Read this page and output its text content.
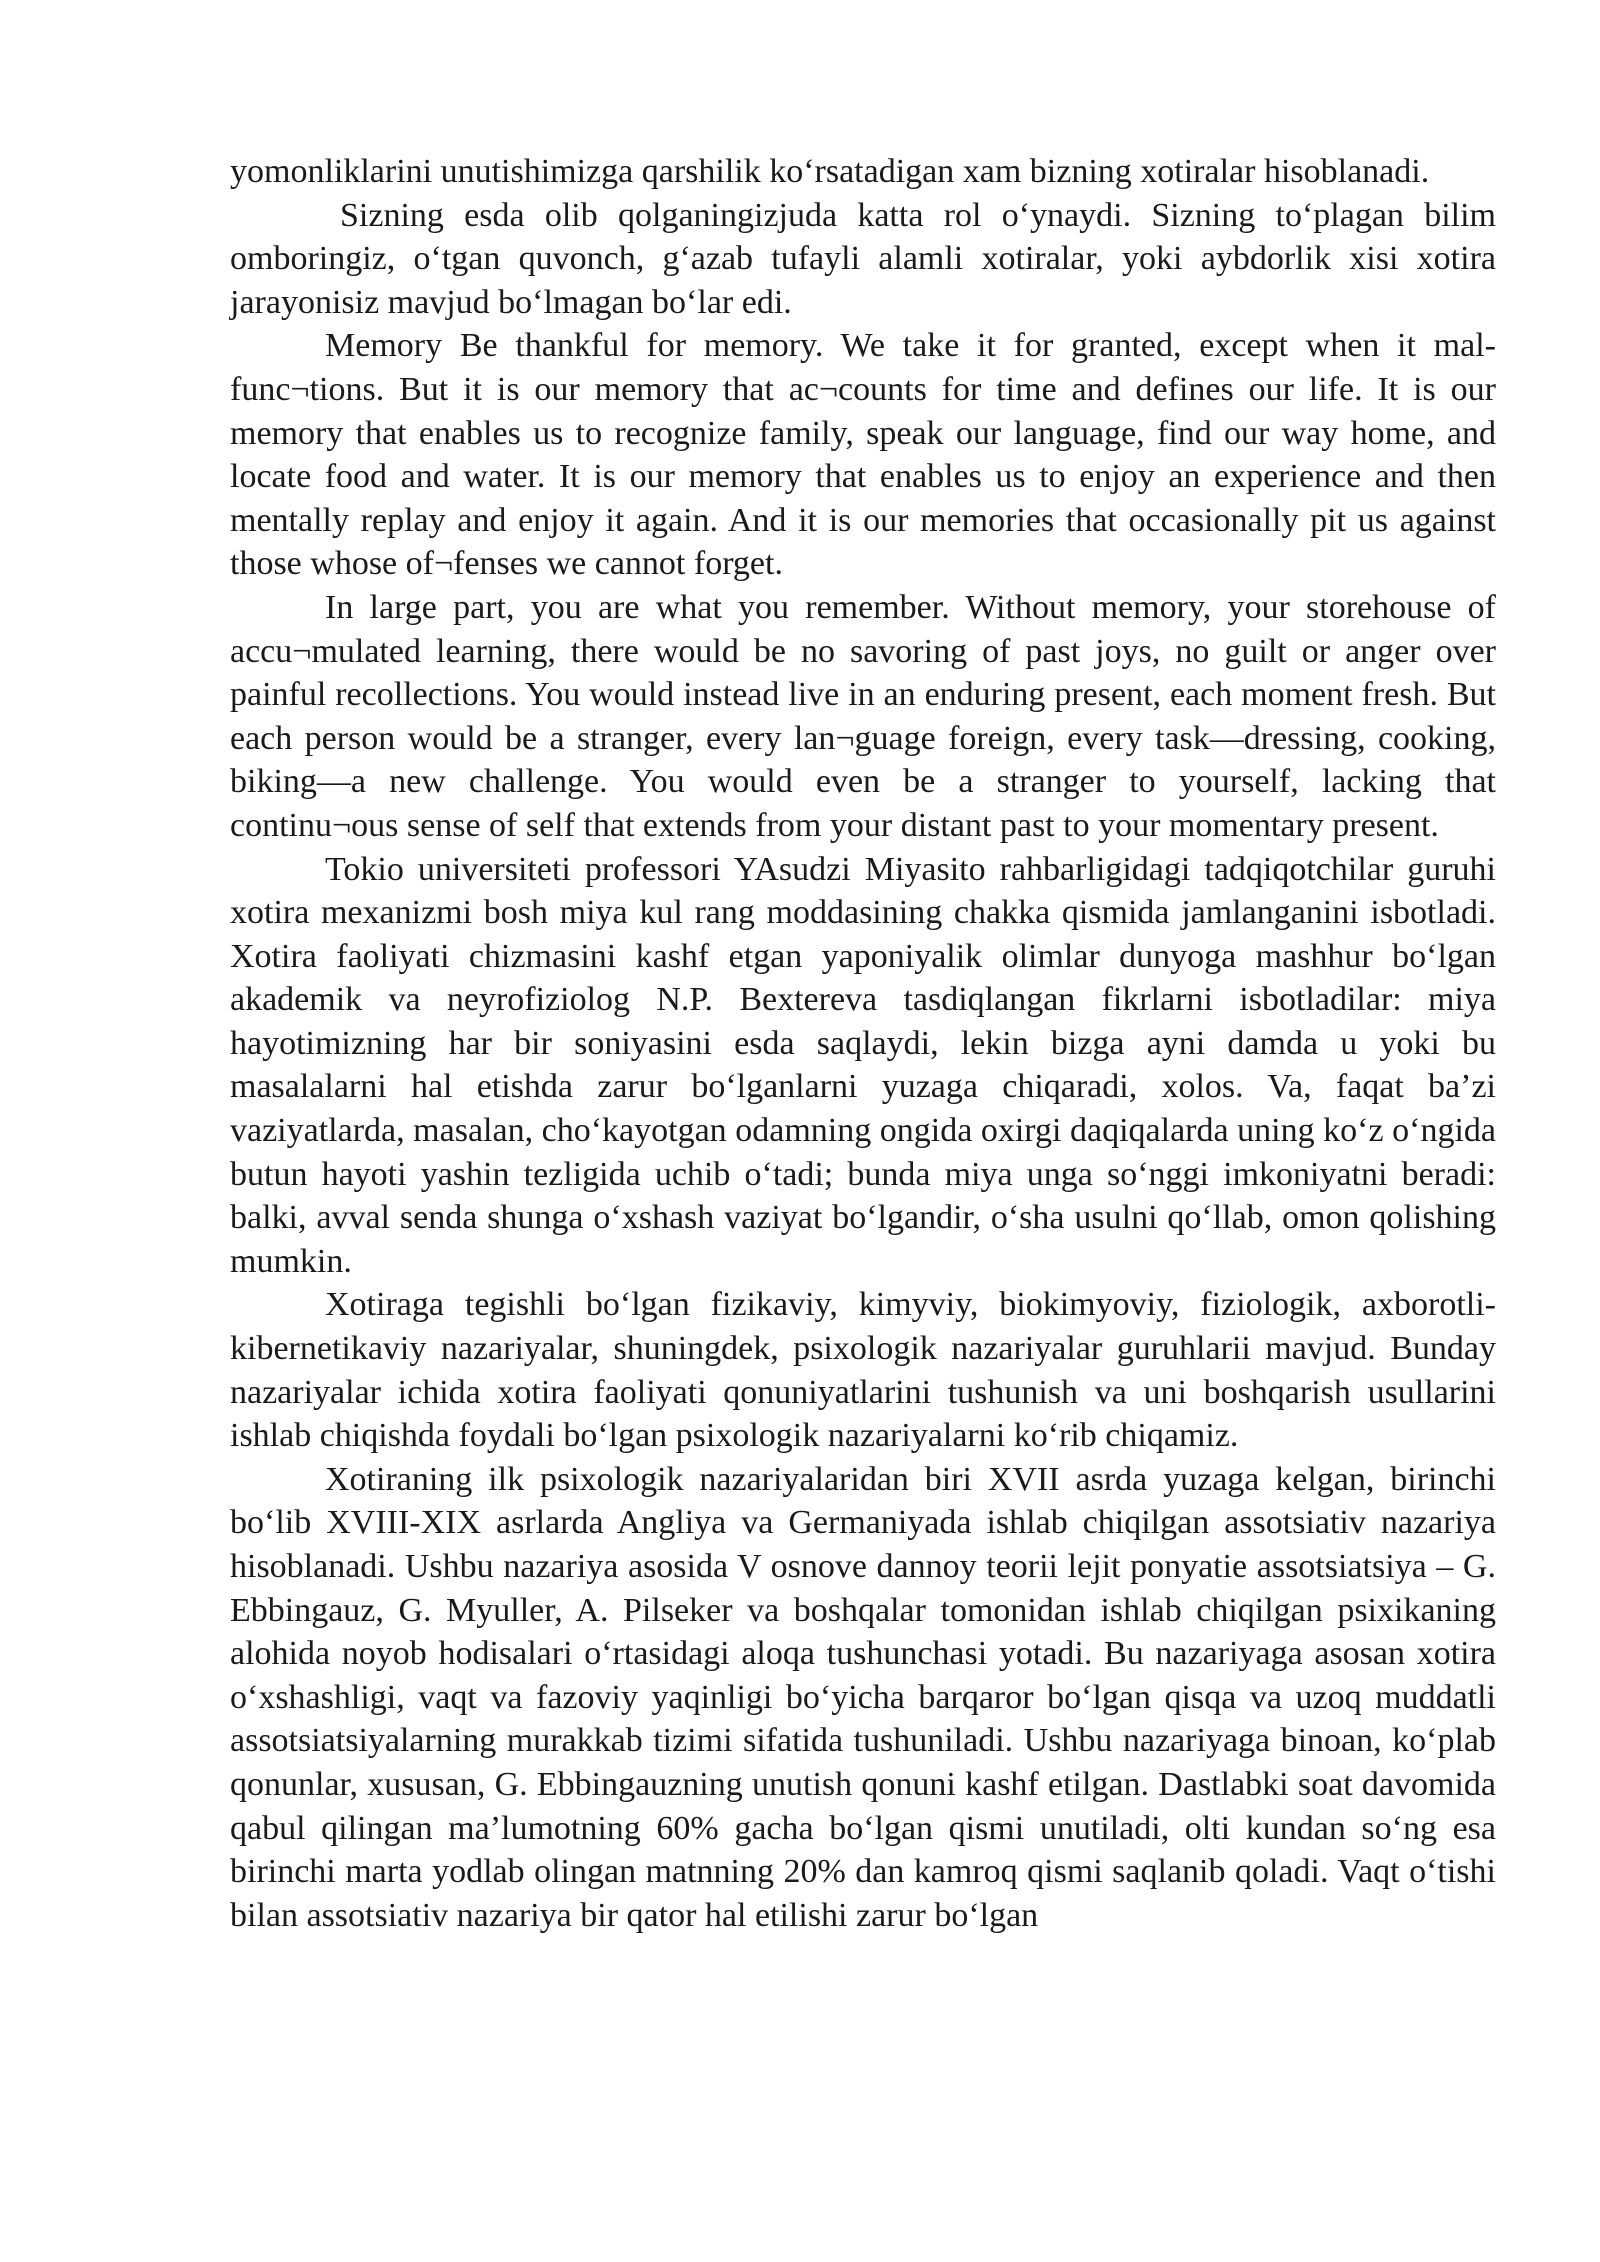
yomonliklarini unutishimizga qarshilik ko‘rsatadigan xam bizning xotiralar hisoblanadi.

Sizning esda olib qolganingizjuda katta rol o‘ynaydi. Sizning to‘plagan bilim omboringiz, o‘tgan quvonch, g‘azab tufayli alamli xotiralar, yoki aybdorlik xisi xotira jarayonisiz mavjud bo‘lmagan bo‘lar edi.

Memory Be thankful for memory. We take it for granted, except when it mal-func¬tions. But it is our memory that ac¬counts for time and defines our life. It is our memory that enables us to recognize family, speak our language, find our way home, and locate food and water. It is our memory that enables us to enjoy an experience and then mentally replay and enjoy it again. And it is our memories that occasionally pit us against those whose of¬fenses we cannot forget.

In large part, you are what you remember. Without memory, your storehouse of accu¬mulated learning, there would be no savoring of past joys, no guilt or anger over painful recollections. You would instead live in an enduring present, each moment fresh. But each person would be a stranger, every lan¬guage foreign, every task—dressing, cooking, biking—a new challenge. You would even be a stranger to yourself, lacking that continu¬ous sense of self that extends from your distant past to your momentary present.

Tokio universiteti professori YAsudzi Miyasito rahbarligidagi tadqiqotchilar guruhi xotira mexanizmi bosh miya kul rang moddasining chakka qismida jamlanganini isbotladi. Xotira faoliyati chizmasini kashf etgan yaponiyalik olimlar dunyoga mashhur bo‘lgan akademik va neyrofiziolog N.P. Bextereva tasdiqlangan fikrlarni isbotladilar: miya hayotimizning har bir soniyasini esda saqlaydi, lekin bizga ayni damda u yoki bu masalalarni hal etishda zarur bo‘lganlarni yuzaga chiqaradi, xolos. Va, faqat ba’zi vaziyatlarda, masalan, cho‘kayotgan odamning ongida oxirgi daqiqalarda uning ko‘z o‘ngida butun hayoti yashin tezligida uchib o‘tadi; bunda miya unga so‘nggi imkoniyatni beradi: balki, avval senda shunga o‘xshash vaziyat bo‘lgandir, o‘sha usulni qo‘llab, omon qolishing mumkin.

Xotiraga tegishli bo‘lgan fizikaviy, kimyviy, biokimyoviy, fiziologik, axborotli-kibernetikaviy nazariyalar, shuningdek, psixologik nazariyalar guruhlarii mavjud. Bunday nazariyalar ichida xotira faoliyati qonuniyatlarini tushunish va uni boshqarish usullarini ishlab chiqishda foydali bo‘lgan psixologik nazariyalarni ko‘rib chiqamiz.

Xotiraning ilk psixologik nazariyalaridan biri XVII asrda yuzaga kelgan, birinchi bo‘lib XVIII-XIX asrlarda Angliya va Germaniyada ishlab chiqilgan assotsiativ nazariya hisoblanadi. Ushbu nazariya asosida V osnove dannoy teorii lejit ponyatie assotsiatsiya – G. Ebbingauz, G. Myuller, A. Pilseker va boshqalar tomonidan ishlab chiqilgan psixikaning alohida noyob hodisalari o‘rtasidagi aloqa tushunchasi yotadi. Bu nazariyaga asosan xotira o‘xshashligi, vaqt va fazoviy yaqinligi bo‘yicha barqaror bo‘lgan qisqa va uzoq muddatli assotsiatsiyalarning murakkab tizimi sifatida tushuniladi. Ushbu nazariyaga binoan, ko‘plab qonunlar, xususan, G. Ebbingauzning unutish qonuni kashf etilgan. Dastlabki soat davomida qabul qilingan ma’lumotning 60% gacha bo‘lgan qismi unutiladi, olti kundan so‘ng esa birinchi marta yodlab olingan matnning 20% dan kamroq qismi saqlanib qoladi. Vaqt o‘tishi bilan assotsiativ nazariya bir qator hal etilishi zarur bo‘lgan
